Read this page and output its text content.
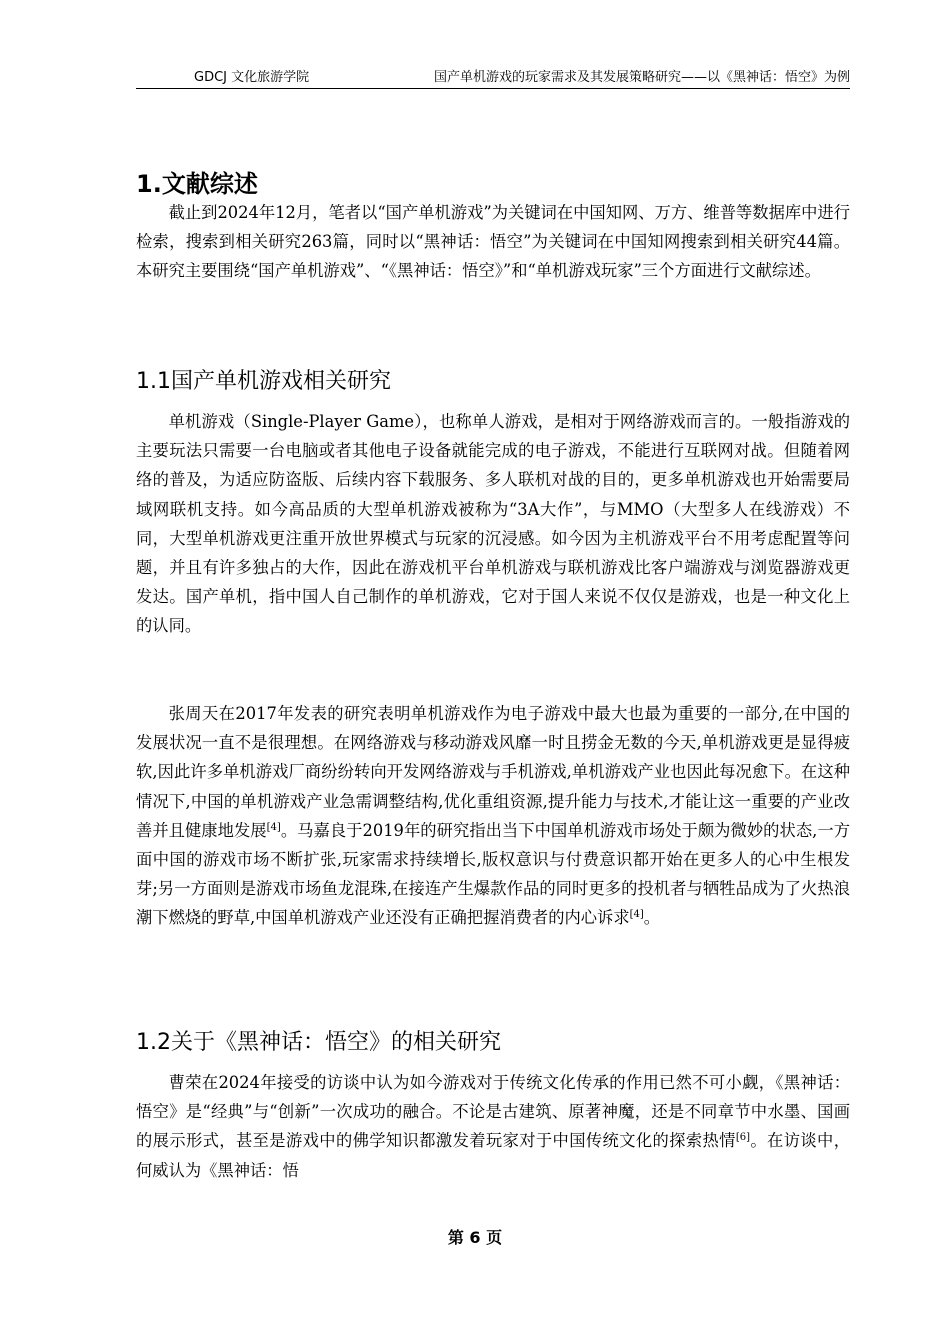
GDCJ 文化旅游学院	国产单机游戏的玩家需求及其发展策略研究——以《黑神话：悟空》为例
1.文献综述

截止到2024年12月，笔者以“国产单机游戏”为关键词在中国知网、万方、维普等数据库中进行检索，搜索到相关研究263篇，同时以“黑神话：悟空”为关键词在中国知网搜索到相关研究44篇。本研究主要围绕“国产单机游戏”、“《黑神话：悟空》”和“单机游戏玩家”三个方面进行文献综述。

1.1国产单机游戏相关研究

单机游戏（Single-Player Game），也称单人游戏，是相对于网络游戏而言的。一般指游戏的主要玩法只需要一台电脑或者其他电子设备就能完成的电子游戏，不能进行互联网对战。但随着网络的普及，为适应防盗版、后续内容下载服务、多人联机对战的目的，更多单机游戏也开始需要局域网联机支持。如今高品质的大型单机游戏被称为“3A大作”，与MMO（大型多人在线游戏）不同，大型单机游戏更注重开放世界模式与玩家的沉浸感。如今因为主机游戏平台不用考虑配置等问题，并且有许多独占的大作，因此在游戏机平台单机游戏与联机游戏比客户端游戏与浏览器游戏更发达。国产单机，指中国人自己制作的单机游戏，它对于国人来说不仅仅是游戏，也是一种文化上的认同。

张周天在2017年发表的研究表明单机游戏作为电子游戏中最大也最为重要的一部分,在中国的发展状况一直不是很理想。在网络游戏与移动游戏风靡一时且捞金无数的今天,单机游戏更是显得疲软,因此许多单机游戏厂商纷纷转向开发网络游戏与手机游戏,单机游戏产业也因此每况愈下。在这种情况下,中国的单机游戏产业急需调整结构,优化重组资源,提升能力与技术,才能让这一重要的产业改善并且健康地发展[4]。马嘉良于2019年的研究指出当下中国单机游戏市场处于颇为微妙的状态,一方面中国的游戏市场不断扩张,玩家需求持续增长,版权意识与付费意识都开始在更多人的心中生根发芽;另一方面则是游戏市场鱼龙混珠,在接连产生爆款作品的同时更多的投机者与牺牲品成为了火热浪潮下燃烧的野草,中国单机游戏产业还没有正确把握消费者的内心诉求[4]。

1.2关于《黑神话：悟空》的相关研究

曹荣在2024年接受的访谈中认为如今游戏对于传统文化传承的作用已然不可小觑，《黑神话：悟空》是“经典”与“创新”一次成功的融合。不论是古建筑、原著神魔，还是不同章节中水墨、国画的展示形式，甚至是游戏中的佛学知识都激发着玩家对于中国传统文化的探索热情[6]。在访谈中，何威认为《黑神话：悟

第 6 页
